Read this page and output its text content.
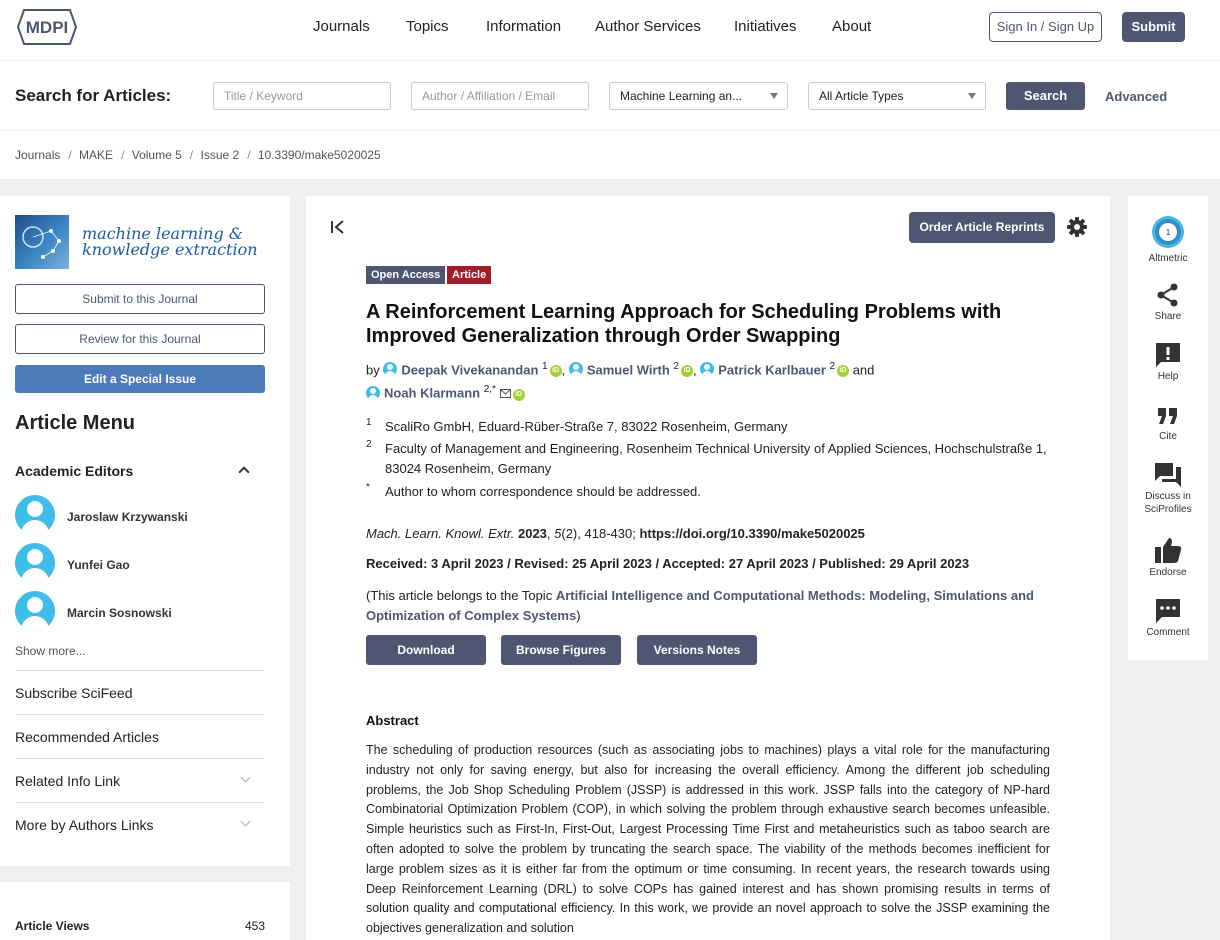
MDPI	Journals Topics Information Author Services Initiatives About	Sign In / Sign Up	Submit
Search for Articles:	Title / Keyword	Author / Affiliation / Email	Machine Learning an...	All Article Types	Search	Advanced
Journals / MAKE / Volume 5 / Issue 2 / 10.3390/make5020025
machine learning &
knowledge extraction
Submit to this Journal
Review for this Journal
Edit a Special Issue
Article Menu
Academic Editors
Jaroslaw Krzywanski
Yunfei Gao
Marcin Sosnowski
Show more...
Subscribe SciFeed
Recommended Articles
Related Info Link
More by Authors Links
Article Views	453
Order Article Reprints
Open Access	Article
A Reinforcement Learning Approach for Scheduling Problems with Improved Generalization through Order Swapping
by Deepak Vivekanandan $^1$ iD , Samuel Wirth $^2$ iD , Patrick Karlbauer $^2$ iD and
Noah Klarmann $^{2,*}$	iD
1 ScaliRo GmbH, Eduard-Rüber-Straße 7, 83022 Rosenheim, Germany
2 Faculty of Management and Engineering, Rosenheim Technical University of Applied Sciences, Hochschulstraße 1, 83024 Rosenheim, Germany
* Author to whom correspondence should be addressed.
Mach. Learn. Knowl. Extr. 2023, 5(2), 418-430; https://doi.org/10.3390/make5020025
Received: 3 April 2023 / Revised: 25 April 2023 / Accepted: 27 April 2023 / Published: 29 April 2023
(This article belongs to the Topic Artificial Intelligence and Computational Methods: Modeling, Simulations and Optimization of Complex Systems)
Download	Browse Figures	Versions Notes
Abstract
The scheduling of production resources (such as associating jobs to machines) plays a vital role for the manufacturing industry not only for saving energy, but also for increasing the overall efficiency. Among the different job scheduling problems, the Job Shop Scheduling Problem (JSSP) is addressed in this work. JSSP falls into the category of NP-hard Combinatorial Optimization Problem (COP), in which solving the problem through exhaustive search becomes unfeasible. Simple heuristics such as First-In, First-Out, Largest Processing Time First and metaheuristics such as taboo search are often adopted to solve the problem by truncating the search space. The viability of the methods becomes inefficient for large problem sizes as it is either far from the optimum or time consuming. In recent years, the research towards using Deep Reinforcement Learning (DRL) to solve COPs has gained interest and has shown promising results in terms of solution quality and computational efficiency. In this work, we provide an novel approach to solve the JSSP examining the objectives generalization and solution
1
Altmetric
Share
Help
Cite
Discuss in
SciProfiles
Endorse
Comment
